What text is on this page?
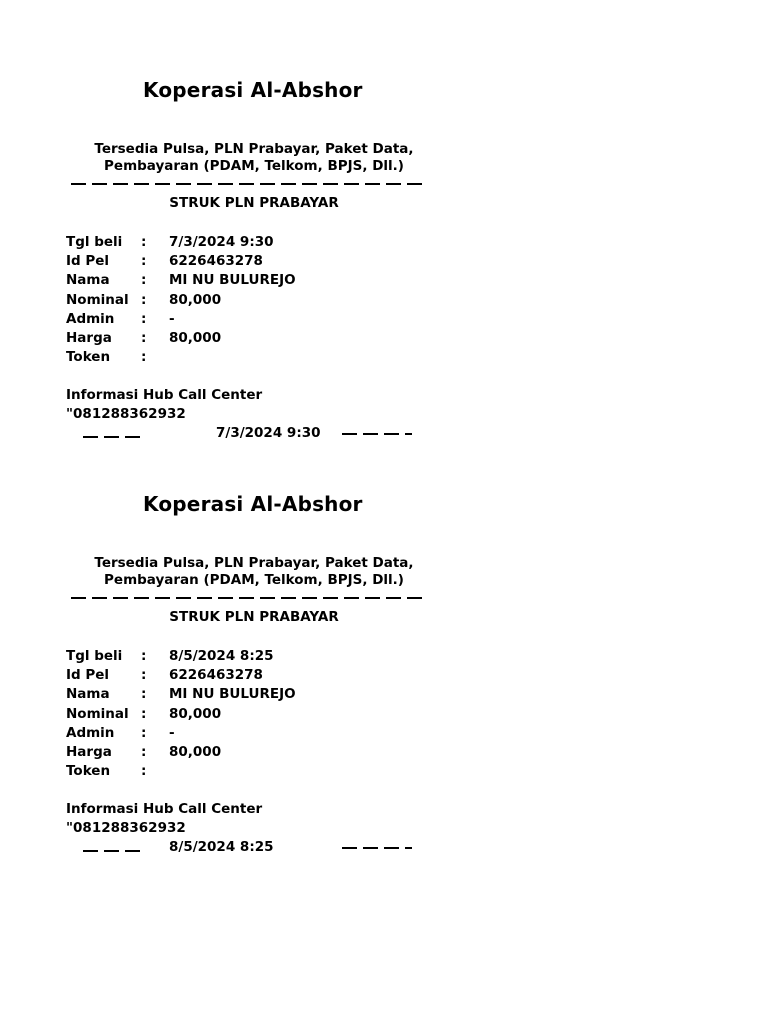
Koperasi Al-Abshor
Tersedia Pulsa, PLN Prabayar, Paket Data,
Pembayaran (PDAM, Telkom, BPJS, Dll.)
STRUK PLN PRABAYAR
Tgl beli : 7/3/2024 9:30
Id Pel : 6226463278
Nama : MI NU BULUREJO
Nominal : 80,000
Admin : -
Harga : 80,000
Token :
Informasi Hub Call Center
"081288362932
7/3/2024 9:30
Koperasi Al-Abshor
Tersedia Pulsa, PLN Prabayar, Paket Data,
Pembayaran (PDAM, Telkom, BPJS, Dll.)
STRUK PLN PRABAYAR
Tgl beli : 8/5/2024 8:25
Id Pel : 6226463278
Nama : MI NU BULUREJO
Nominal : 80,000
Admin : -
Harga : 80,000
Token :
Informasi Hub Call Center
"081288362932
8/5/2024 8:25
